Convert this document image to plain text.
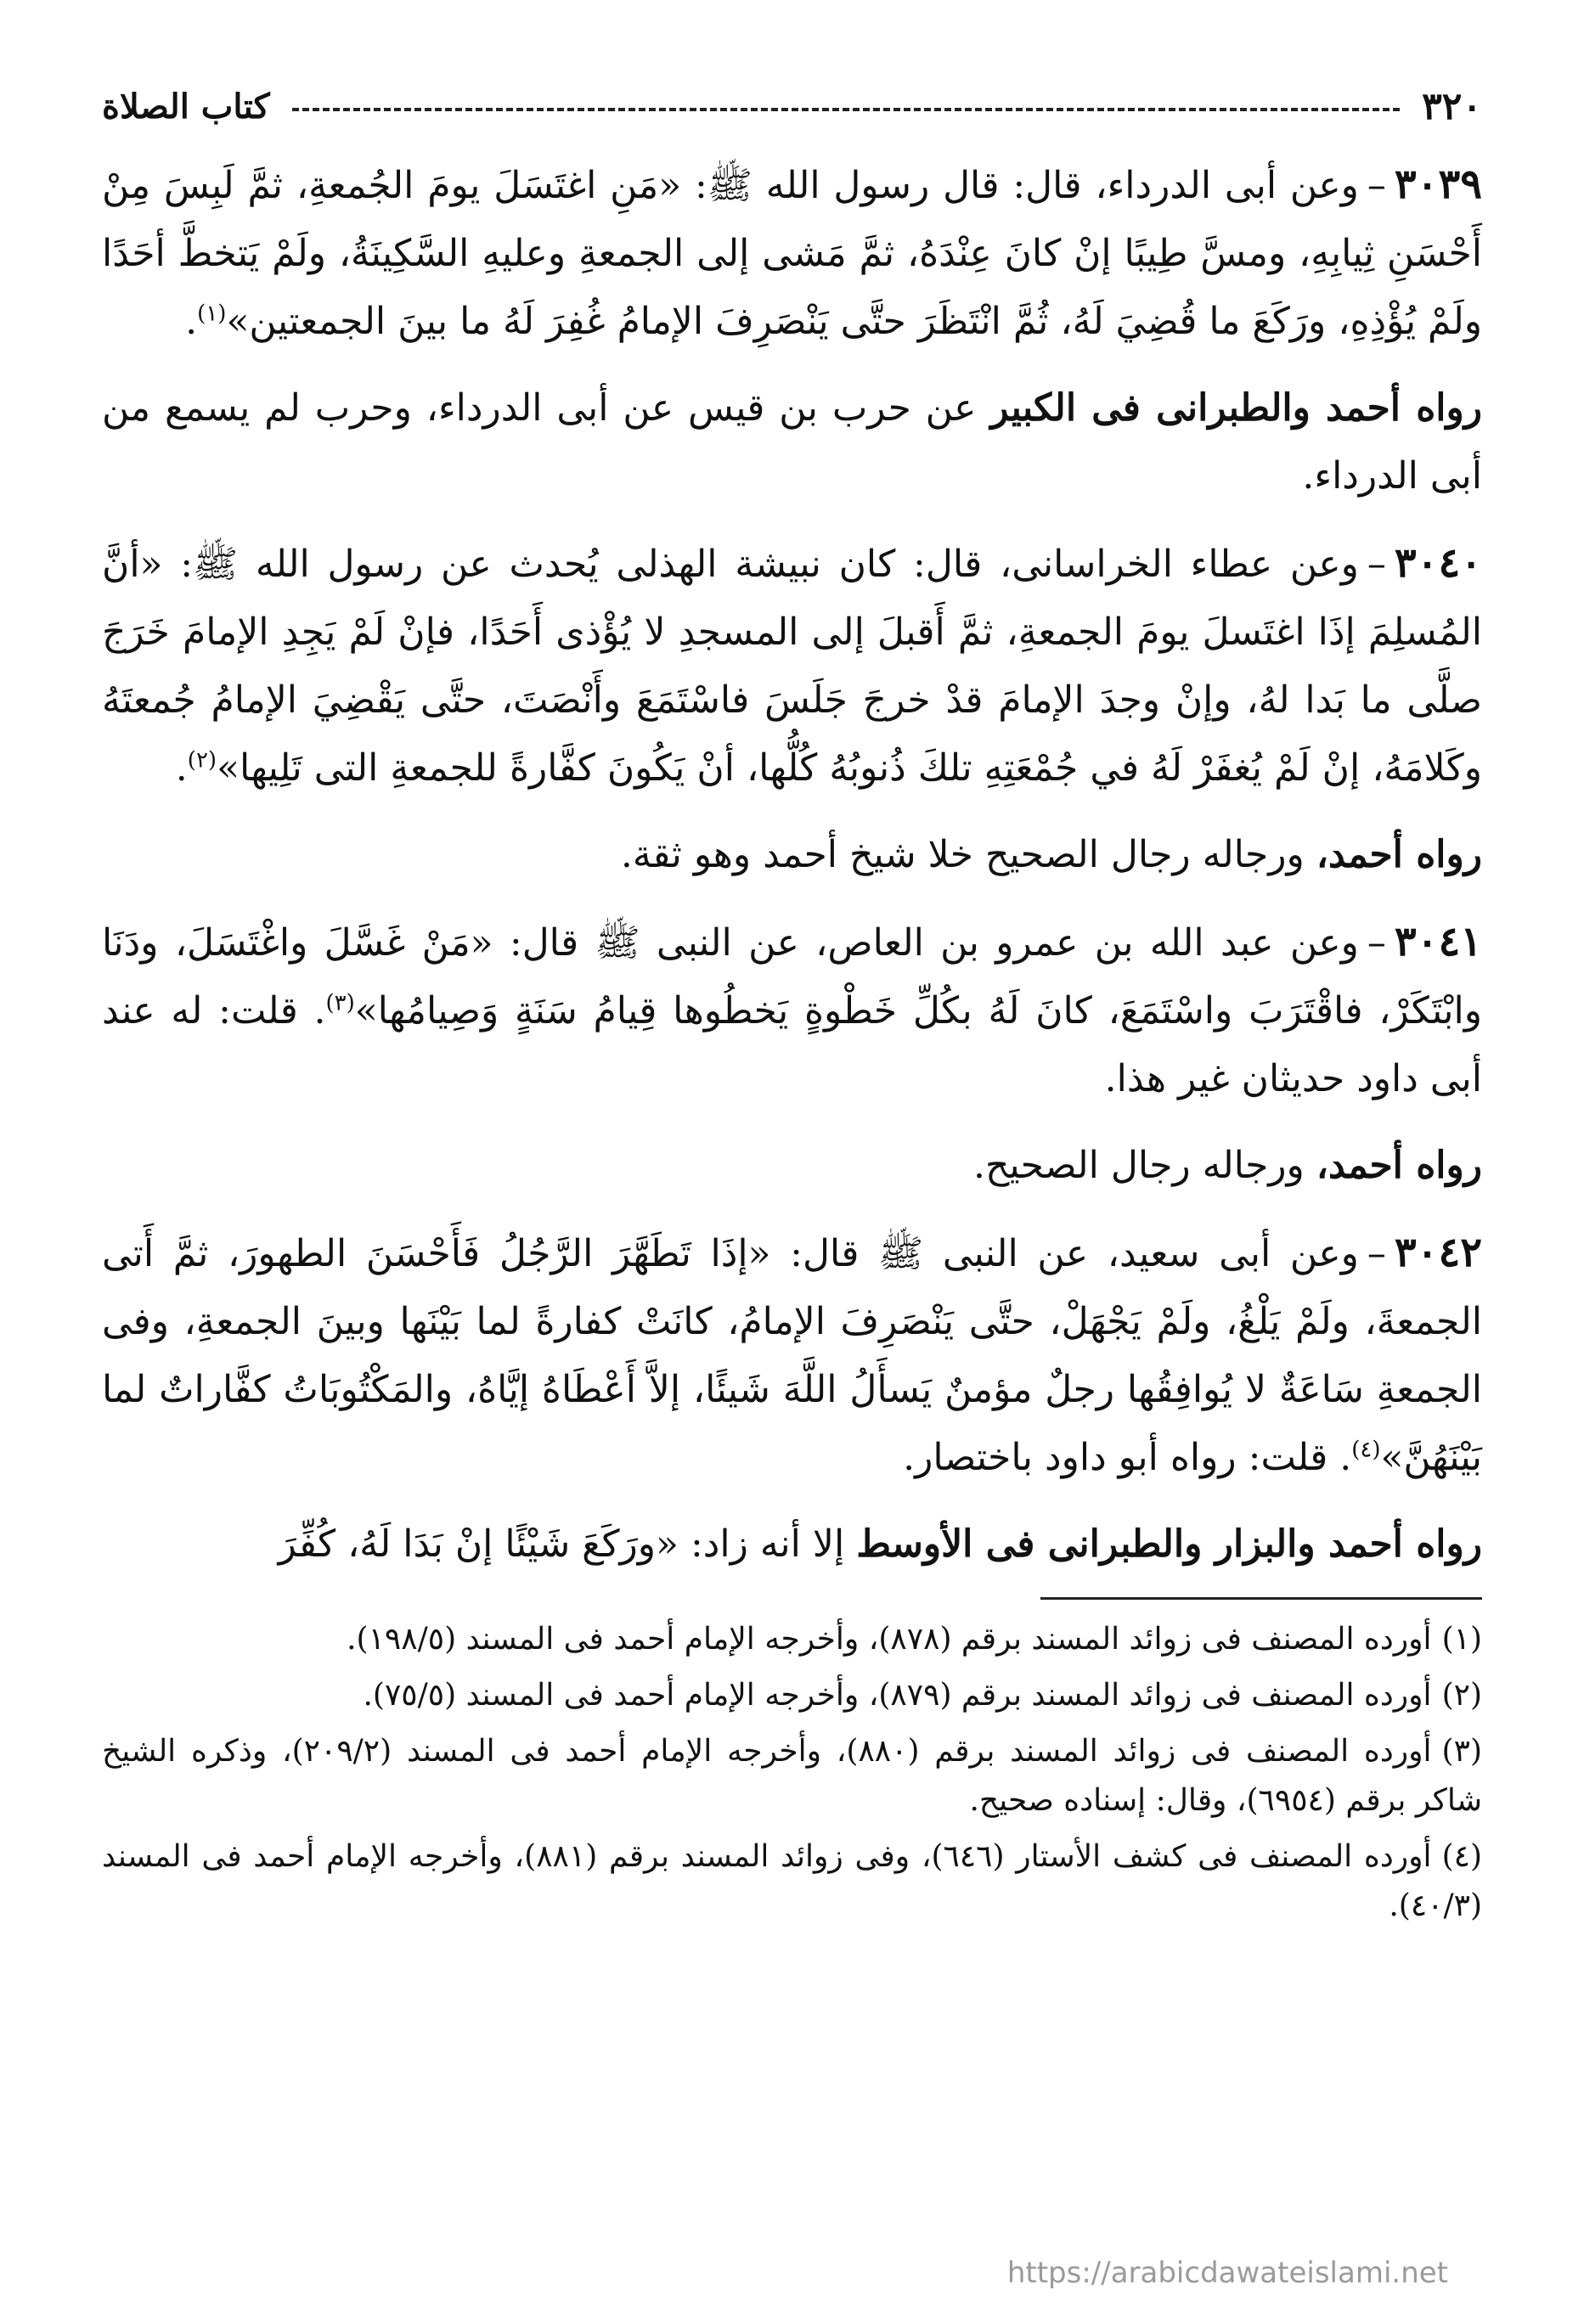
٣٢٠
كتاب الصلاة

٣٠٣٩–وعن أبى الدرداء، قال: قال رسول الله ﷺ: «مَنِ اغتَسَلَ يومَ الجُمعةِ، ثمَّ لَبِسَ مِنْ أَحْسَنِ ثِيابِهِ، ومسَّ طِيبًا إنْ كانَ عِنْدَهُ، ثمَّ مَشى إلى الجمعةِ وعليهِ السَّكِينَةُ، ولَمْ يَتخطَّ أحَدًا ولَمْ يُؤْذِهِ، ورَكَعَ ما قُضِيَ لَهُ، ثُمَّ انْتَظَرَ حتَّى يَنْصَرِفَ الإمامُ غُفِرَ لَهُ ما بينَ الجمعتين»$^{(١)}$.

رواه أحمد والطبرانى فى الكبير عن حرب بن قيس عن أبى الدرداء، وحرب لم يسمع من أبى الدرداء.

٣٠٤٠–وعن عطاء الخراسانى، قال: كان نبيشة الهذلى يُحدث عن رسول الله ﷺ: «أنَّ المُسلِمَ إذَا اغتَسلَ يومَ الجمعةِ، ثمَّ أَقبلَ إلى المسجدِ لا يُؤْذى أَحَدًا، فإنْ لَمْ يَجِدِ الإمامَ خَرَجَ صلَّى ما بَدا لهُ، وإنْ وجدَ الإمامَ قدْ خرجَ جَلَسَ فاسْتَمَعَ وأَنْصَتَ، حتَّى يَقْضِيَ الإمامُ جُمعتَهُ وكَلامَهُ، إنْ لَمْ يُغفَرْ لَهُ في جُمْعَتِهِ تلكَ ذُنوبُهُ كُلُّها، أنْ يَكُونَ كفَّارةً للجمعةِ التى تَلِيها»$^{(٢)}$.

رواه أحمد، ورجاله رجال الصحيح خلا شيخ أحمد وهو ثقة.

٣٠٤١–وعن عبد الله بن عمرو بن العاص، عن النبى ﷺ قال: «مَنْ غَسَّلَ واغْتَسَلَ، ودَنَا وابْتَكَرْ، فاقْتَرَبَ واسْتَمَعَ، كانَ لَهُ بكُلِّ خَطْوةٍ يَخطُوها قِيامُ سَنَةٍ وَصِيامُها»$^{(٣)}$. قلت: له عند أبى داود حديثان غير هذا.

رواه أحمد، ورجاله رجال الصحيح.

٣٠٤٢–وعن أبى سعيد، عن النبى ﷺ قال: «إذَا تَطَهَّرَ الرَّجُلُ فَأَحْسَنَ الطهورَ، ثمَّ أَتى الجمعةَ، ولَمْ يَلْغُ، ولَمْ يَجْهَلْ، حتَّى يَنْصَرِفَ الإمامُ، كانَتْ كفارةً لما بَيْنَها وبينَ الجمعةِ، وفى الجمعةِ سَاعَةٌ لا يُوافِقُها رجلٌ مؤمنٌ يَسأَلُ اللَّهَ شَيئًا، إلاَّ أَعْطَاهُ إيَّاهُ، والمَكْتُوبَاتُ كفَّاراتٌ لما بَيْنَهُنَّ»$^{(٤)}$. قلت: رواه أبو داود باختصار.

رواه أحمد والبزار والطبرانى فى الأوسط إلا أنه زاد: «ورَكَعَ شَيْئًا إنْ بَدَا لَهُ، كُفِّرَ

(١)أورده المصنف فى زوائد المسند برقم (٨٧٨)، وأخرجه الإمام أحمد فى المسند (١٩٨/٥).

(٢)أورده المصنف فى زوائد المسند برقم (٨٧٩)، وأخرجه الإمام أحمد فى المسند (٧٥/٥).

(٣)أورده المصنف فى زوائد المسند برقم (٨٨٠)، وأخرجه الإمام أحمد فى المسند (٢٠٩/٢)، وذكره الشيخ شاكر برقم (٦٩٥٤)، وقال: إسناده صحيح.

(٤)أورده المصنف فى كشف الأستار (٦٤٦)، وفى زوائد المسند برقم (٨٨١)، وأخرجه الإمام أحمد فى المسند (٤٠/٣).

https://arabicdawateislami.net
